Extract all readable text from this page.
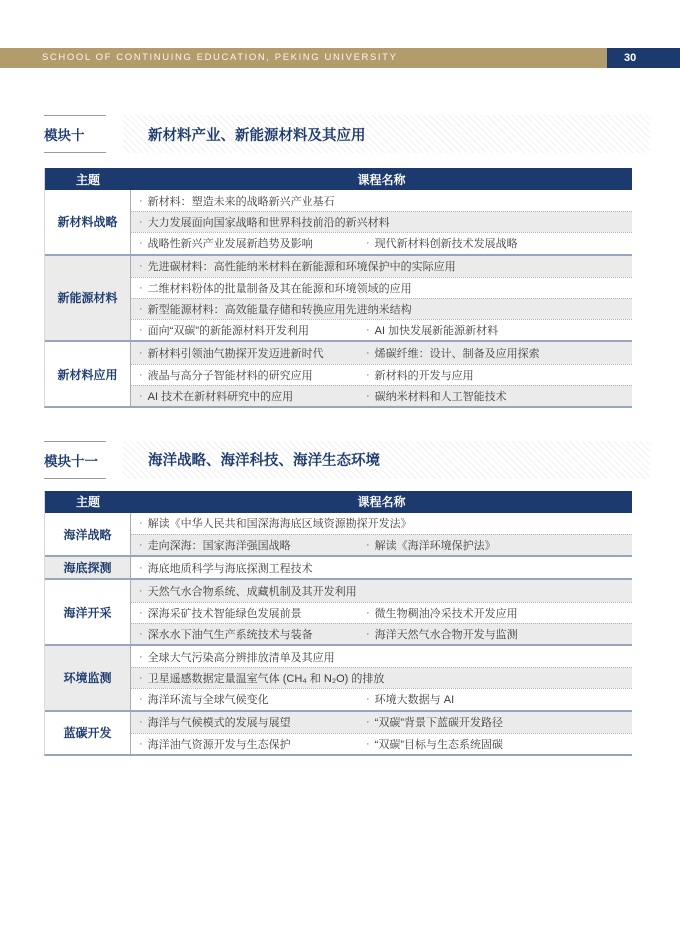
SCHOOL OF CONTINUING EDUCATION, PEKING UNIVERSITY	30
模块十	新材料产业、新能源材料及其应用
主题	课程名称
新材料战略
· 新材料：塑造未来的战略新兴产业基石
· 大力发展面向国家战略和世界科技前沿的新兴材料
· 战略性新兴产业发展新趋势及影响	· 现代新材料创新技术发展战略
新能源材料
· 先进碳材料：高性能纳米材料在新能源和环境保护中的实际应用
· 二维材料粉体的批量制备及其在能源和环境领域的应用
· 新型能源材料：高效能量存储和转换应用先进纳米结构
· 面向“双碳”的新能源材料开发利用	· AI 加快发展新能源新材料
新材料应用
· 新材料引领油气勘探开发迈进新时代	· 烯碳纤维：设计、制备及应用探索
· 液晶与高分子智能材料的研究应用	· 新材料的开发与应用
· AI 技术在新材料研究中的应用	· 碳纳米材料和人工智能技术
模块十一	海洋战略、海洋科技、海洋生态环境
主题	课程名称
海洋战略
· 解读《中华人民共和国深海海底区域资源勘探开发法》
· 走向深海：国家海洋强国战略	· 解读《海洋环境保护法》
海底探测	· 海底地质科学与海底探测工程技术
海洋开采
· 天然气水合物系统、成藏机制及其开发利用
· 深海采矿技术智能绿色发展前景	· 微生物稠油冷采技术开发应用
· 深水水下油气生产系统技术与装备	· 海洋天然气水合物开发与监测
环境监测
· 全球大气污染高分辨排放清单及其应用
· 卫星遥感数据定量温室气体 (CH₄ 和 N₂O) 的排放
· 海洋环流与全球气候变化	· 环境大数据与 AI
蓝碳开发
· 海洋与气候模式的发展与展望	· “双碳”背景下蓝碳开发路径
· 海洋油气资源开发与生态保护	· “双碳”目标与生态系统固碳
